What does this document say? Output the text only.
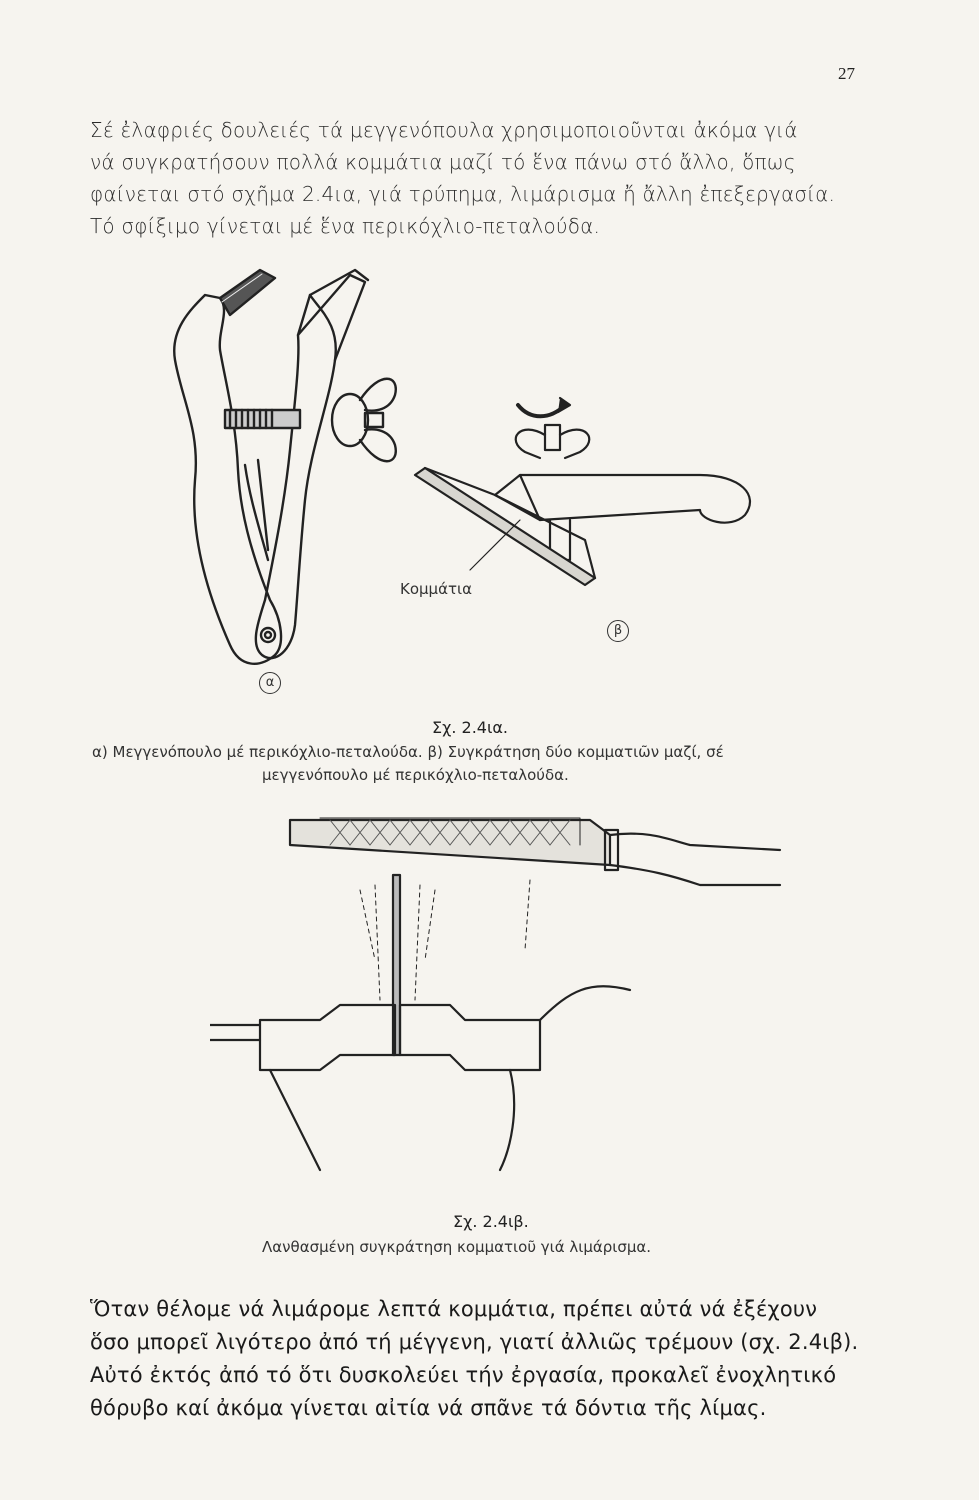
27
Σέ ἐλαφριές δουλειές τά μεγγενόπουλα χρησιμοποιοῦνται ἀκόμα γιά
νά συγκρατήσουν πολλά κομμάτια μαζί τό ἕνα πάνω στό ἄλλο, ὅπως
φαίνεται στό σχῆμα 2.4ια, γιά τρύπημα, λιμάρισμα ἤ ἄλλη ἐπεξεργασία.
Τό σφίξιμο γίνεται μέ ἕνα περικόχλιο-πεταλούδα.
Κομμάτια
α
β
Σχ. 2.4ια.
α) Μεγγενόπουλο μέ περικόχλιο-πεταλούδα. β) Συγκράτηση δύο κομματιῶν μαζί, σέ
μεγγενόπουλο μέ περικόχλιο-πεταλούδα.
Σχ. 2.4ιβ.
Λανθασμένη συγκράτηση κομματιοῦ γιά λιμάρισμα.
Ὅταν θέλομε νά λιμάρομε λεπτά κομμάτια, πρέπει αὐτά νά ἐξέχουν
ὅσο μπορεῖ λιγότερο ἀπό τή μέγγενη, γιατί ἀλλιῶς τρέμουν (σχ. 2.4ιβ).
Αὐτό ἐκτός ἀπό τό ὅτι δυσκολεύει τήν ἐργασία, προκαλεῖ ἐνοχλητικό
θόρυβο καί ἀκόμα γίνεται αἰτία νά σπᾶνε τά δόντια τῆς λίμας.
